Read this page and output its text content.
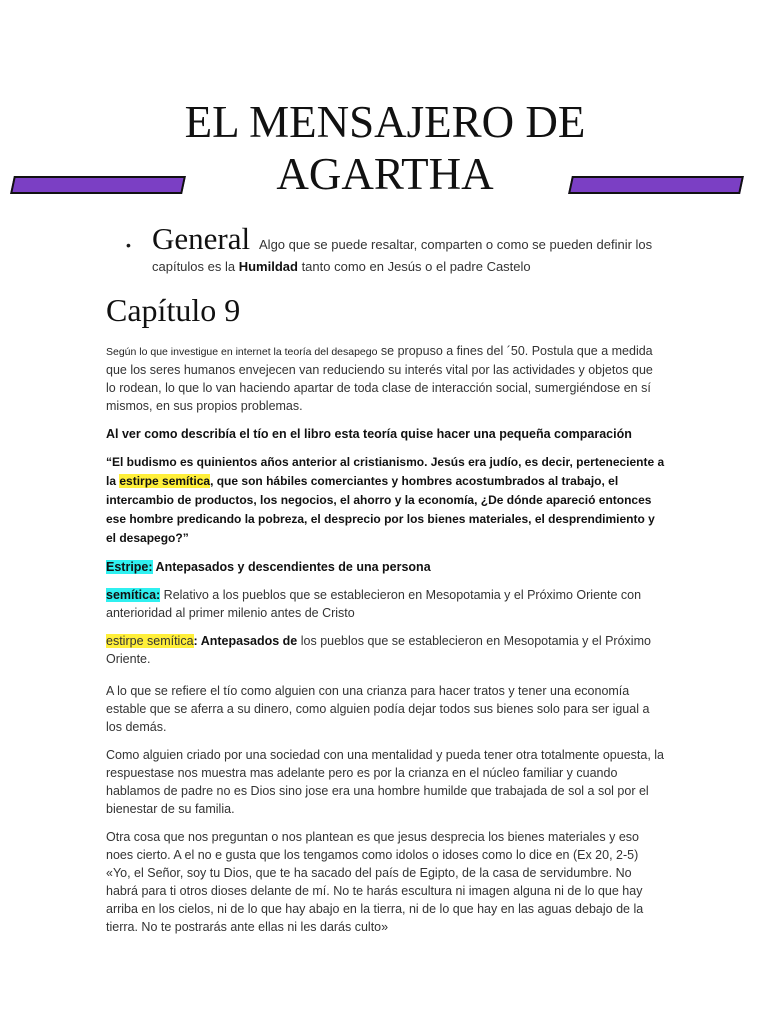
EL MENSAJERO DE
AGARTHA
• General Algo que se puede resaltar, comparten o como se pueden definir los capítulos es la Humildad tanto como en Jesús o el padre Castelo
Capítulo 9

Según lo que investigue en internet la teoría del desapego se propuso a fines del ´50. Postula que a medida que los seres humanos envejecen van reduciendo su interés vital por las actividades y objetos que lo rodean, lo que lo van haciendo apartar de toda clase de interacción social, sumergiéndose en sí mismos, en sus propios problemas.

Al ver como describía el tío en el libro esta teoría quise hacer una pequeña comparación

“El budismo es quinientos años anterior al cristianismo. Jesús era judío, es decir, perteneciente a la estirpe semítica, que son hábiles comerciantes y hombres acostumbrados al trabajo, el intercambio de productos, los negocios, el ahorro y la economía, ¿De dónde apareció entonces ese hombre predicando la pobreza, el desprecio por los bienes materiales, el desprendimiento y el desapego?”

Estripe: Antepasados y descendientes de una persona

semítica: Relativo a los pueblos que se establecieron en Mesopotamia y el Próximo Oriente con anterioridad al primer milenio antes de Cristo

estirpe semítica: Antepasados de los pueblos que se establecieron en Mesopotamia y el Próximo Oriente.

A lo que se refiere el tío como alguien con una crianza para hacer tratos y tener una economía estable que se aferra a su dinero, como alguien podía dejar todos sus bienes solo para ser igual a los demás.

Como alguien criado por una sociedad con una mentalidad y pueda tener otra totalmente opuesta, la respuestase nos muestra mas adelante pero es por la crianza en el núcleo familiar y cuando hablamos de padre no es Dios sino jose era una hombre humilde que trabajada de sol a sol por el bienestar de su familia.

Otra cosa que nos preguntan o nos plantean es que jesus desprecia los bienes materiales y eso noes cierto. A el no e gusta que los tengamos como idolos o idoses como lo dice en (Ex 20, 2-5) «Yo, el Señor, soy tu Dios, que te ha sacado del país de Egipto, de la casa de servidumbre. No habrá para ti otros dioses delante de mí. No te harás escultura ni imagen alguna ni de lo que hay arriba en los cielos, ni de lo que hay abajo en la tierra, ni de lo que hay en las aguas debajo de la tierra. No te postrarás ante ellas ni les darás culto»
